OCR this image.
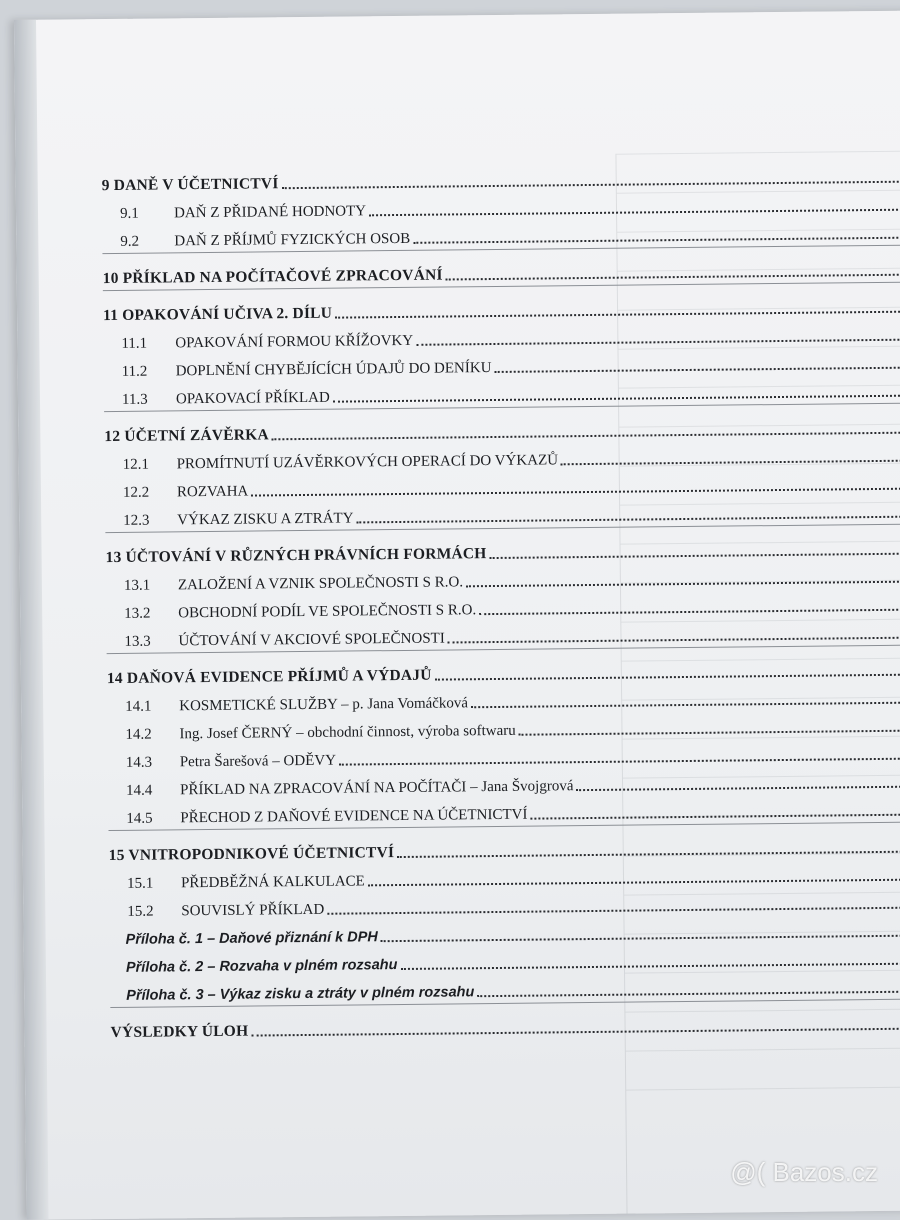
9 DANĚ V ÚČETNICTVÍ
9.1	DAŇ Z PŘIDANÉ HODNOTY
9.2	DAŇ Z PŘÍJMŮ FYZICKÝCH OSOB
10 PŘÍKLAD NA POČÍTAČOVÉ ZPRACOVÁNÍ
11 OPAKOVÁNÍ UČIVA 2. DÍLU
11.1	OPAKOVÁNÍ FORMOU KŘÍŽOVKY
11.2	DOPLNĚNÍ CHYBĚJÍCÍCH ÚDAJŮ DO DENÍKU
11.3	OPAKOVACÍ PŘÍKLAD
12 ÚČETNÍ ZÁVĚRKA
12.1	PROMÍTNUTÍ UZÁVĚRKOVÝCH OPERACÍ DO VÝKAZŮ
12.2	ROZVAHA
12.3	VÝKAZ ZISKU A ZTRÁTY
13 ÚČTOVÁNÍ V RŮZNÝCH PRÁVNÍCH FORMÁCH
13.1	ZALOŽENÍ A VZNIK SPOLEČNOSTI S R.O.
13.2	OBCHODNÍ PODÍL VE SPOLEČNOSTI S R.O.
13.3	ÚČTOVÁNÍ V AKCIOVÉ SPOLEČNOSTI
14 DAŇOVÁ EVIDENCE PŘÍJMŮ A VÝDAJŮ
14.1	KOSMETICKÉ SLUŽBY – p. Jana Vomáčková
14.2	Ing. Josef ČERNÝ – obchodní činnost, výroba softwaru
14.3	Petra Šarešová – ODĚVY
14.4	PŘÍKLAD NA ZPRACOVÁNÍ NA POČÍTAČI – Jana Švojgrová
14.5	PŘECHOD Z DAŇOVÉ EVIDENCE NA ÚČETNICTVÍ
15 VNITROPODNIKOVÉ ÚČETNICTVÍ
15.1	PŘEDBĚŽNÁ KALKULACE
15.2	SOUVISLÝ PŘÍKLAD
Příloha č. 1 – Daňové přiznání k DPH
Příloha č. 2 – Rozvaha v plném rozsahu
Příloha č. 3 – Výkaz zisku a ztráty v plném rozsahu
VÝSLEDKY ÚLOH
@( Bazos.cz
